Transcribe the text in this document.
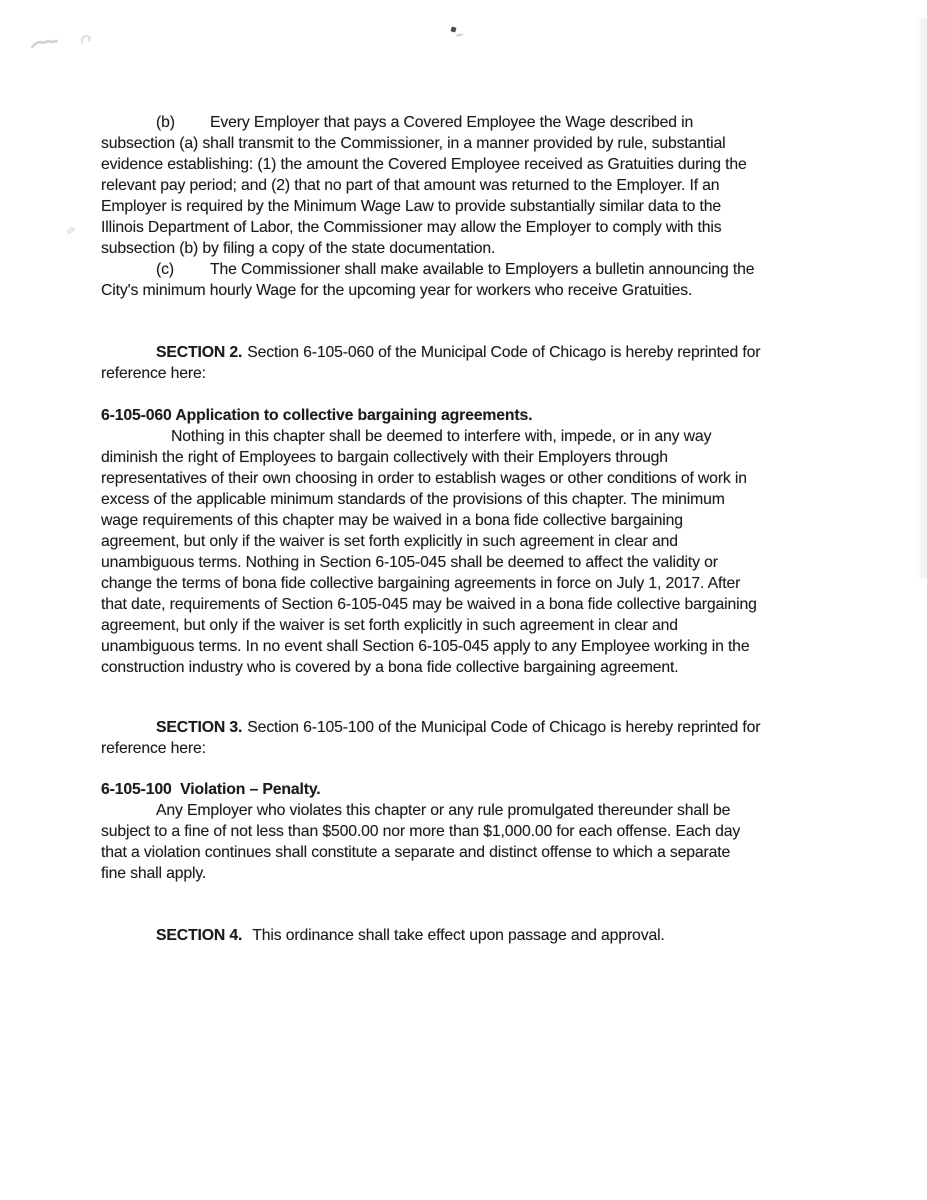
(b) Every Employer that pays a Covered Employee the Wage described in
subsection (a) shall transmit to the Commissioner, in a manner provided by rule, substantial
evidence establishing: (1) the amount the Covered Employee received as Gratuities during the
relevant pay period; and (2) that no part of that amount was returned to the Employer. If an
Employer is required by the Minimum Wage Law to provide substantially similar data to the
Illinois Department of Labor, the Commissioner may allow the Employer to comply with this
subsection (b) by filing a copy of the state documentation.
(c) The Commissioner shall make available to Employers a bulletin announcing the
City's minimum hourly Wage for the upcoming year for workers who receive Gratuities.
SECTION 2. Section 6-105-060 of the Municipal Code of Chicago is hereby reprinted for
reference here:
6-105-060 Application to collective bargaining agreements.
Nothing in this chapter shall be deemed to interfere with, impede, or in any way
diminish the right of Employees to bargain collectively with their Employers through
representatives of their own choosing in order to establish wages or other conditions of work in
excess of the applicable minimum standards of the provisions of this chapter. The minimum
wage requirements of this chapter may be waived in a bona fide collective bargaining
agreement, but only if the waiver is set forth explicitly in such agreement in clear and
unambiguous terms. Nothing in Section 6-105-045 shall be deemed to affect the validity or
change the terms of bona fide collective bargaining agreements in force on July 1, 2017. After
that date, requirements of Section 6-105-045 may be waived in a bona fide collective bargaining
agreement, but only if the waiver is set forth explicitly in such agreement in clear and
unambiguous terms. In no event shall Section 6-105-045 apply to any Employee working in the
construction industry who is covered by a bona fide collective bargaining agreement.
SECTION 3. Section 6-105-100 of the Municipal Code of Chicago is hereby reprinted for
reference here:
6-105-100  Violation – Penalty.
Any Employer who violates this chapter or any rule promulgated thereunder shall be
subject to a fine of not less than $500.00 nor more than $1,000.00 for each offense. Each day
that a violation continues shall constitute a separate and distinct offense to which a separate
fine shall apply.
SECTION 4. This ordinance shall take effect upon passage and approval.
